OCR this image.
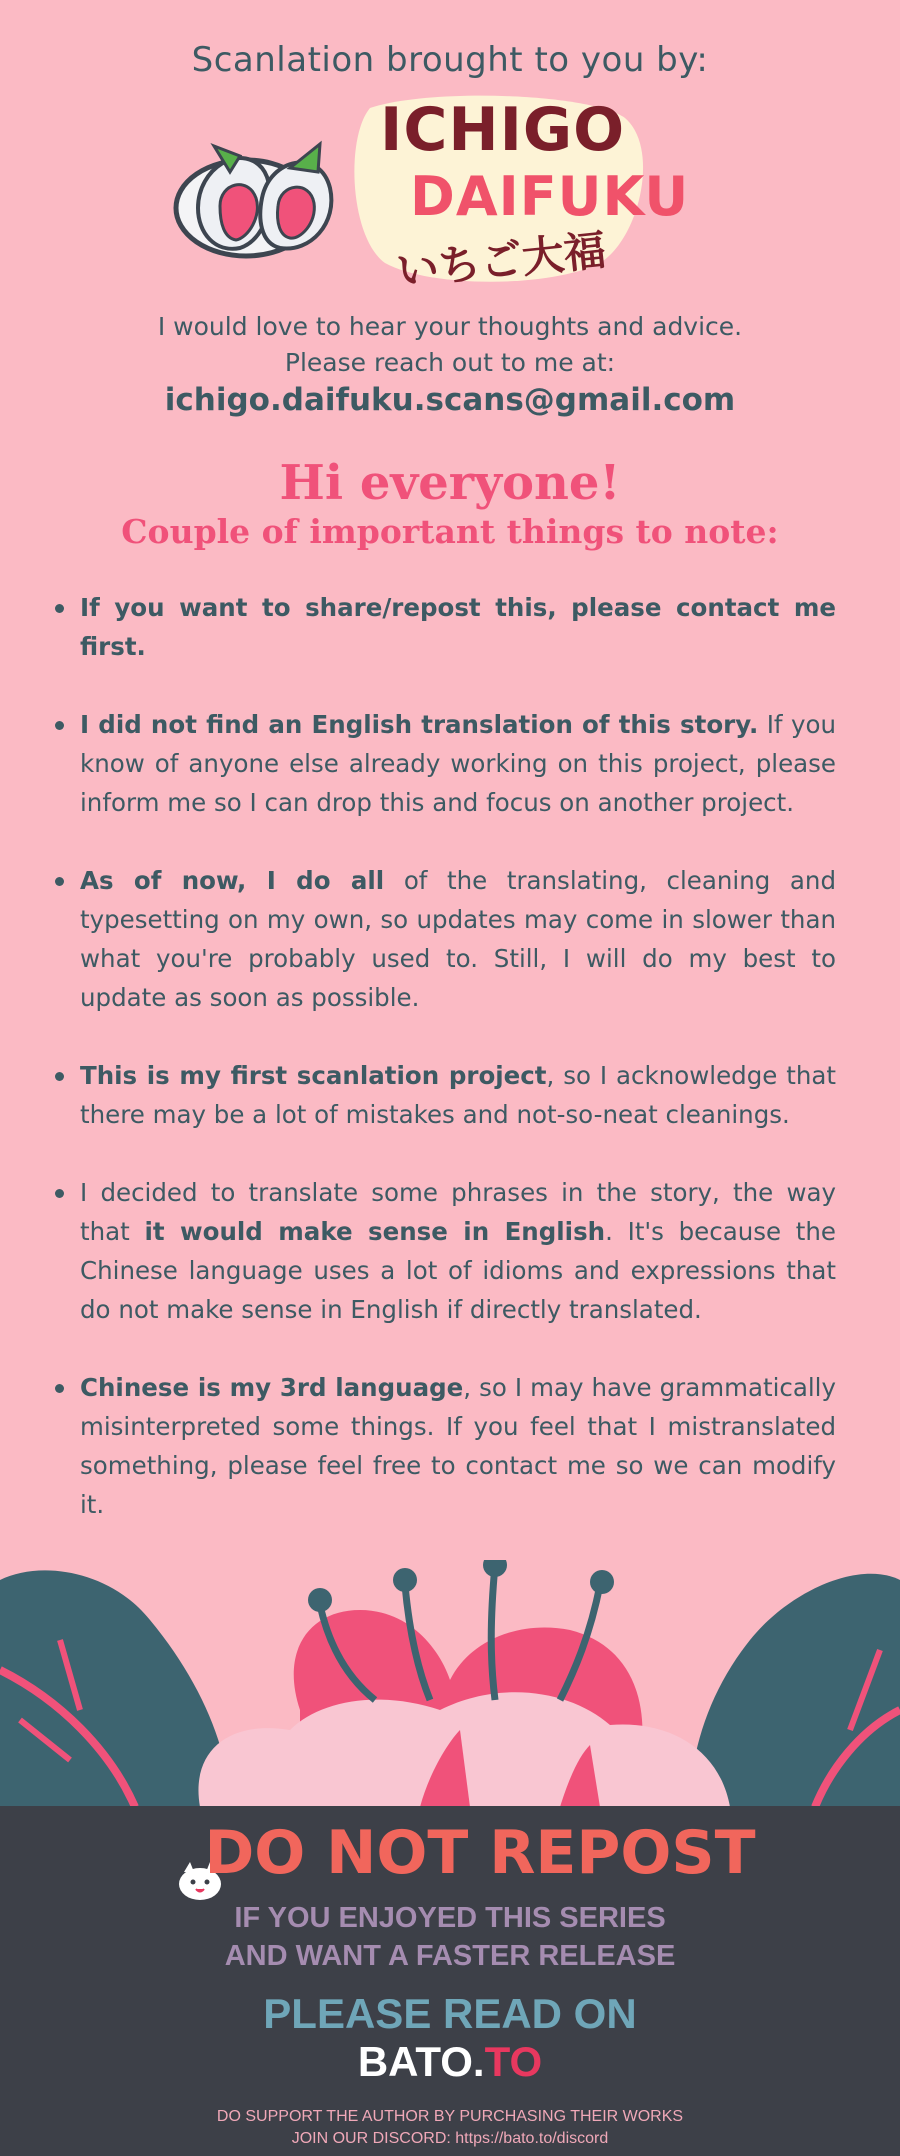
Scanlation brought to you by:
ICHIGO
DAIFUKU
いちご大福
I would love to hear your thoughts and advice.
Please reach out to me at:
ichigo.daifuku.scans@gmail.com
Hi everyone!
Couple of important things to note:
If you want to share/repost this, please contact me first.
I did not find an English translation of this story. If you know of anyone else already working on this project, please inform me so I can drop this and focus on another project.
As of now, I do all of the translating, cleaning and typesetting on my own, so updates may come in slower than what you're probably used to. Still, I will do my best to update as soon as possible.
This is my first scanlation project, so I acknowledge that there may be a lot of mistakes and not-so-neat cleanings.
I decided to translate some phrases in the story, the way that it would make sense in English. It's because the Chinese language uses a lot of idioms and expressions that do not make sense in English if directly translated.
Chinese is my 3rd language, so I may have grammatically misinterpreted some things. If you feel that I mistranslated something, please feel free to contact me so we can modify it.
DO NOT REPOST
IF YOU ENJOYED THIS SERIES
AND WANT A FASTER RELEASE
PLEASE READ ON
BATO.TO
DO SUPPORT THE AUTHOR BY PURCHASING THEIR WORKS
JOIN OUR DISCORD: https://bato.to/discord
